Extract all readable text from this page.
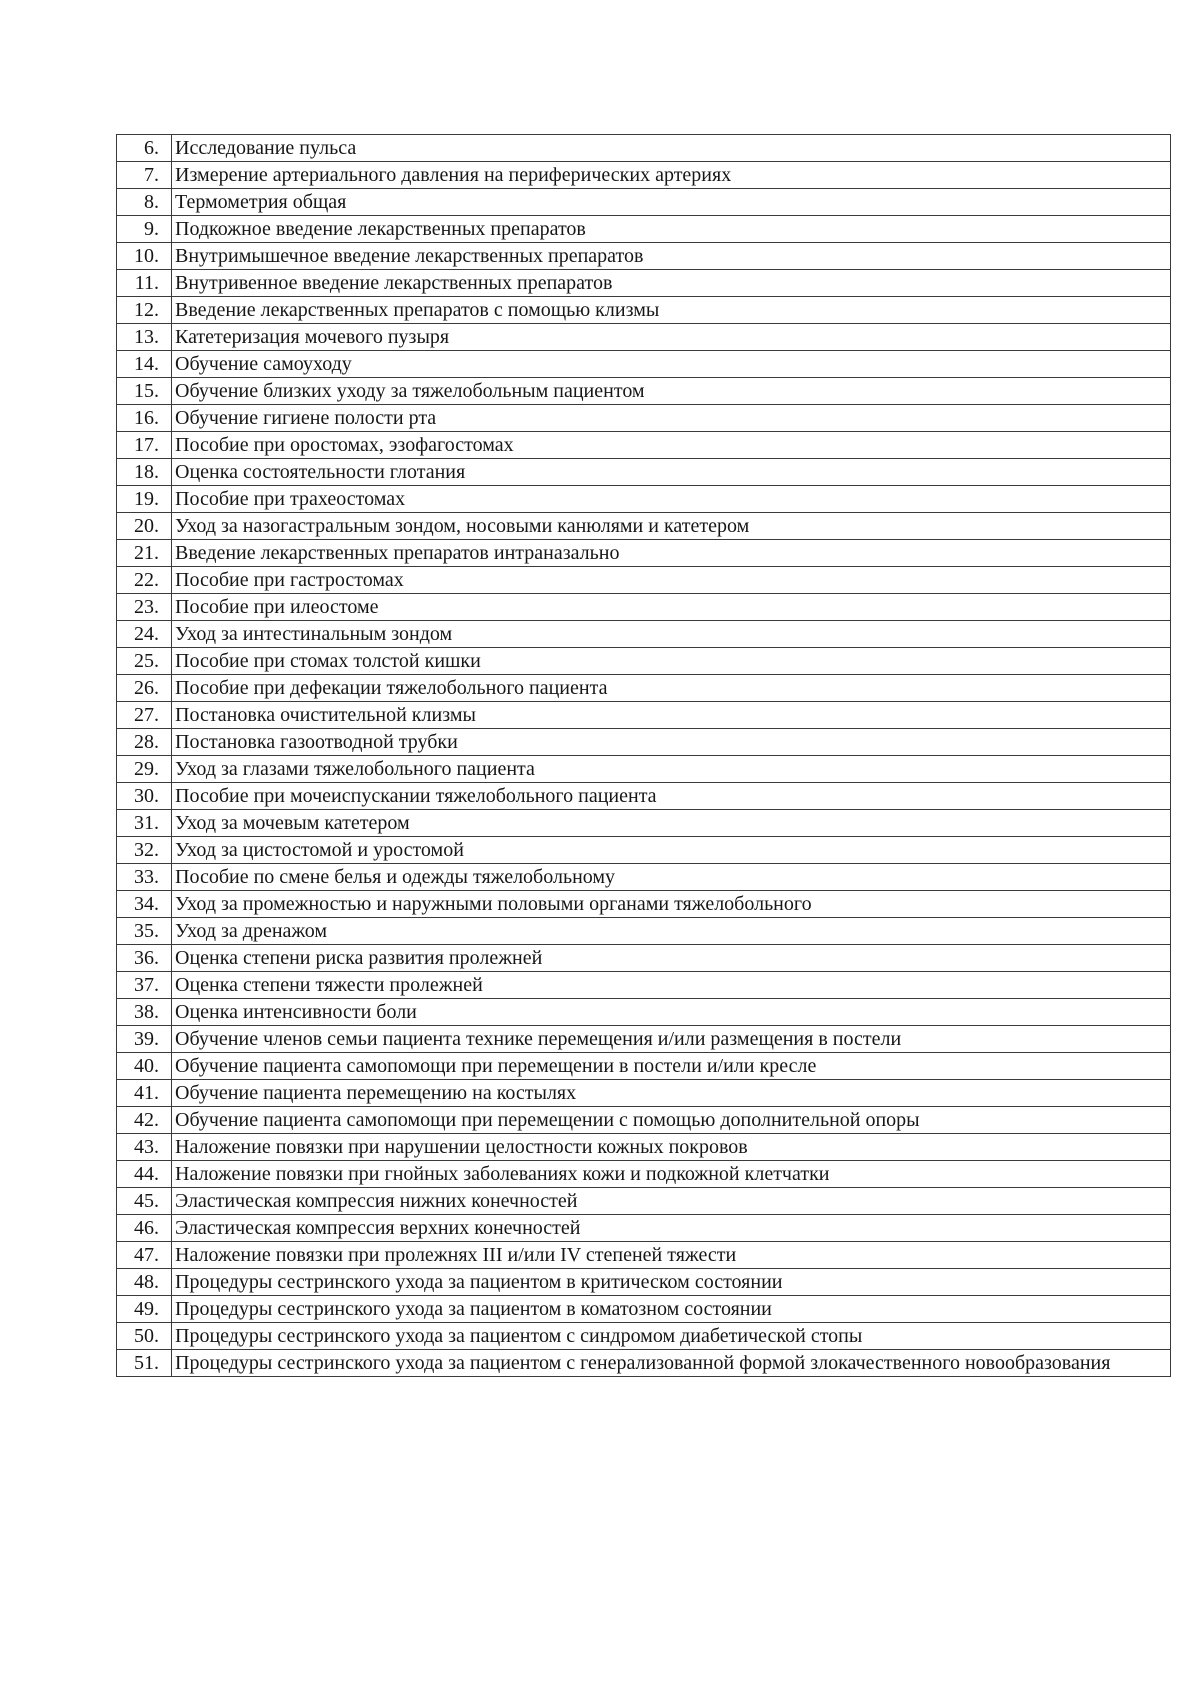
6.	Исследование пульса
7.	Измерение артериального давления на периферических артериях
8.	Термометрия общая
9.	Подкожное введение лекарственных препаратов
10.	Внутримышечное введение лекарственных препаратов
11.	Внутривенное введение лекарственных препаратов
12.	Введение лекарственных препаратов с помощью клизмы
13.	Катетеризация мочевого пузыря
14.	Обучение самоуходу
15.	Обучение близких уходу за тяжелобольным пациентом
16.	Обучение гигиене полости рта
17.	Пособие при оростомах, эзофагостомах
18.	Оценка состоятельности глотания
19.	Пособие при трахеостомах
20.	Уход за назогастральным зондом, носовыми канюлями и катетером
21.	Введение лекарственных препаратов интраназально
22.	Пособие при гастростомах
23.	Пособие при илеостоме
24.	Уход за интестинальным зондом
25.	Пособие при стомах толстой кишки
26.	Пособие при дефекации тяжелобольного пациента
27.	Постановка очистительной клизмы
28.	Постановка газоотводной трубки
29.	Уход за глазами тяжелобольного пациента
30.	Пособие при мочеиспускании тяжелобольного пациента
31.	Уход за мочевым катетером
32.	Уход за цистостомой и уростомой
33.	Пособие по смене белья и одежды тяжелобольному
34.	Уход за промежностью и наружными половыми органами тяжелобольного
35.	Уход за дренажом
36.	Оценка степени риска развития пролежней
37.	Оценка степени тяжести пролежней
38.	Оценка интенсивности боли
39.	Обучение членов семьи пациента технике перемещения и/или размещения в постели
40.	Обучение пациента самопомощи при перемещении в постели и/или кресле
41.	Обучение пациента перемещению на костылях
42.	Обучение пациента самопомощи при перемещении с помощью дополнительной опоры
43.	Наложение повязки при нарушении целостности кожных покровов
44.	Наложение повязки при гнойных заболеваниях кожи и подкожной клетчатки
45.	Эластическая компрессия нижних конечностей
46.	Эластическая компрессия верхних конечностей
47.	Наложение повязки при пролежнях III и/или IV степеней тяжести
48.	Процедуры сестринского ухода за пациентом в критическом состоянии
49.	Процедуры сестринского ухода за пациентом в коматозном состоянии
50.	Процедуры сестринского ухода за пациентом с синдромом диабетической стопы
51.	Процедуры сестринского ухода за пациентом с генерализованной формой злокачественного новообразования
